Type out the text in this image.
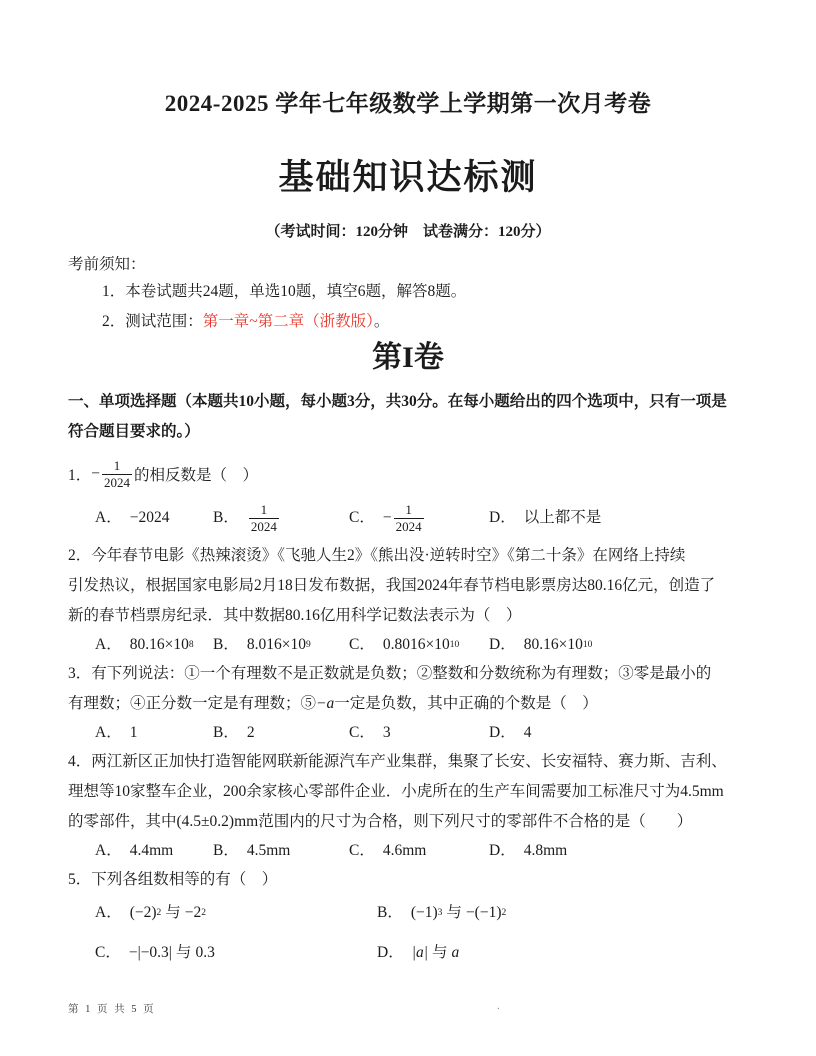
2024-2025 学年七年级数学上学期第一次月考卷
基础知识达标测
（考试时间：120分钟　试卷满分：120分）
考前须知：
1．本卷试题共24题，单选10题，填空6题，解答8题。
2．测试范围：第一章~第二章（浙教版）。
第I卷
一、单项选择题（本题共10小题，每小题3分，共30分。在每小题给出的四个选项中，只有一项是
符合题目要求的。）
1． − $\frac{1}{2024}$ 的相反数是（　）
A． −2024	B． $\frac{1}{2024}$	C． − $\frac{1}{2024}$	D． 以上都不是
2．今年春节电影《热辣滚烫》《飞驰人生2》《熊出没·逆转时空》《第二十条》在网络上持续
引发热议，根据国家电影局2月18日发布数据，我国2024年春节档电影票房达80.16亿元，创造了
新的春节档票房纪录．其中数据80.16亿用科学记数法表示为（　）
A． 80.16×10 8 B． 8.016×10 9 C． 0.8016×10 10 D． 80.16×10 10
3．有下列说法：①一个有理数不是正数就是负数；②整数和分数统称为有理数；③零是最小的
有理数；④正分数一定是有理数；⑤−a一定是负数，其中正确的个数是（　）
A． 1	B． 2	C． 3	D． 4
4．两江新区正加快打造智能网联新能源汽车产业集群，集聚了长安、长安福特、赛力斯、吉利、
理想等10家整车企业，200余家核心零部件企业．小虎所在的生产车间需要加工标准尺寸为4.5mm
的零部件，其中(4.5±0.2)mm范围内的尺寸为合格，则下列尺寸的零部件不合格的是（　　）
A． 4.4mm	B． 4.5mm	C． 4.6mm	D． 4.8mm
5．下列各组数相等的有（　）
A． (−2) 2 与 −2 2	B． (−1) 3 与 −(−1) 2
C． −|−0.3| 与 0.3	D． |a| 与 a
第 1 页 共 5 页	.
